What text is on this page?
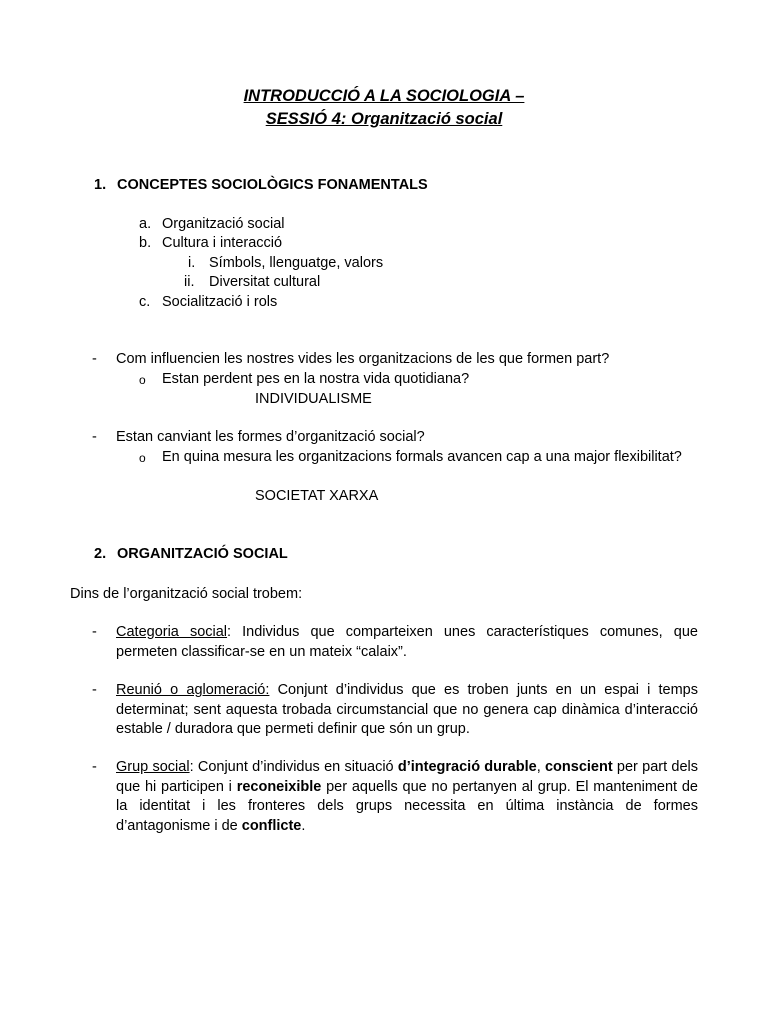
INTRODUCCIÓ A LA SOCIOLOGIA –
SESSIÓ 4: Organització social
1. CONCEPTES SOCIOLÒGICS FONAMENTALS
a. Organització social
b. Cultura i interacció
i. Símbols, llenguatge, valors
ii. Diversitat cultural
c. Socialització i rols
- Com influencien les nostres vides les organitzacions de les que formen part?
o Estan perdent pes en la nostra vida quotidiana?
INDIVIDUALISME
- Estan canviant les formes d’organització social?
o En quina mesura les organitzacions formals avancen cap a una major flexibilitat?
SOCIETAT XARXA
2. ORGANITZACIÓ SOCIAL
Dins de l’organització social trobem:
- Categoria social: Individus que comparteixen unes característiques comunes, que permeten classificar-se en un mateix “calaix”.
- Reunió o aglomeració: Conjunt d’individus que es troben junts en un espai i temps determinat; sent aquesta trobada circumstancial que no genera cap dinàmica d’interacció estable / duradora que permeti definir que són un grup.
- Grup social: Conjunt d’individus en situació d’integració durable, conscient per part dels que hi participen i reconeixible per aquells que no pertanyen al grup. El manteniment de la identitat i les fronteres dels grups necessita en última instància de formes d’antagonisme i de conflicte.
